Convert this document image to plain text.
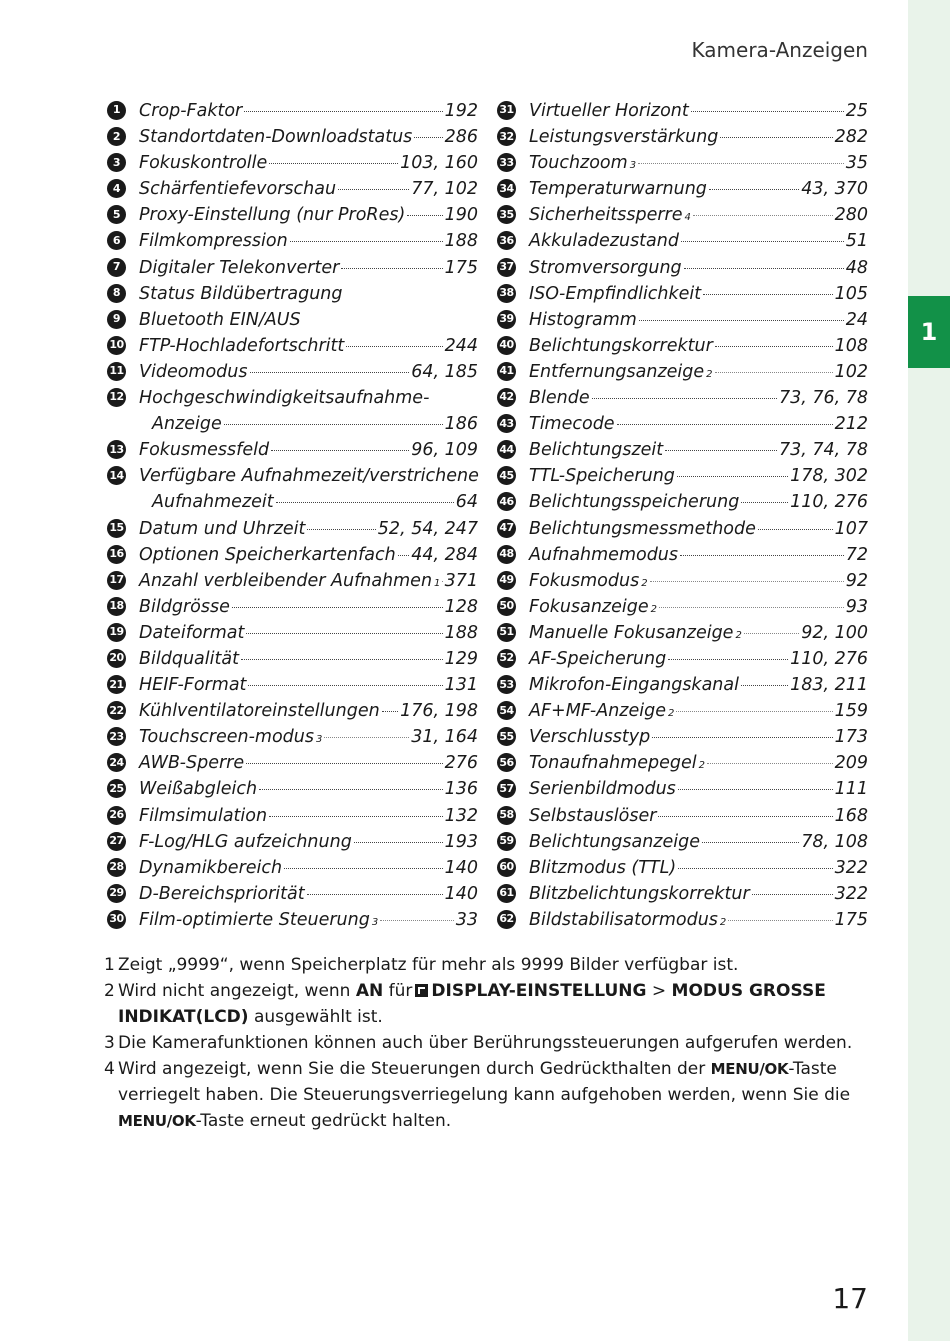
1
Kamera-Anzeigen
1	Crop-Faktor	192
2	Standortdaten-Downloadstatus 286
3	Fokuskontrolle	103, 160
4	Schärfentiefevorschau	77, 102
5	Proxy-Einstellung (nur ProRes) 190
6	Filmkompression	188
7	Digitaler Telekonverter	175
8	Status Bildübertragung
9	Bluetooth EIN/AUS
10 FTP-Hochladefortschritt	244
11 Videomodus	64, 185
12 Hochgeschwindigkeitsaufnahme-
Anzeige	186
13 Fokusmessfeld	96, 109
14 Verfügbare Aufnahmezeit/verstrichene
Aufnahmezeit	64
15 Datum und Uhrzeit	52, 54, 247
16 Optionen Speicherkartenfach 44, 284
17 Anzahl verbleibender Aufnahmen 1 371
18 Bildgrösse	128
19 Dateiformat	188
20 Bildqualität	129
21 HEIF-Format	131
22 Kühlventilatoreinstellungen 176, 198
23 Touchscreen-modus 3	31, 164
24 AWB-Sperre	276
25 Weißabgleich	136
26 Filmsimulation	132
27 F-Log/HLG aufzeichnung	193
28 Dynamikbereich	140
29 D-Bereichspriorität	140
30 Film-optimierte Steuerung 3	33
31 Virtueller Horizont	25
32 Leistungsverstärkung	282
33 Touchzoom 3	35
34 Temperaturwarnung	43, 370
35 Sicherheitssperre 4	280
36 Akkuladezustand	51
37 Stromversorgung	48
38 ISO-Empfindlichkeit	105
39 Histogramm	24
40 Belichtungskorrektur	108
41 Entfernungsanzeige 2	102
42 Blende	73, 76, 78
43 Timecode	212
44 Belichtungszeit	73, 74, 78
45 TTL-Speicherung	178, 302
46 Belichtungsspeicherung	110, 276
47 Belichtungsmessmethode	107
48 Aufnahmemodus	72
49 Fokusmodus 2	92
50 Fokusanzeige 2	93
51 Manuelle Fokusanzeige 2	92, 100
52 AF-Speicherung	110, 276
53 Mikrofon-Eingangskanal	183, 211
54 AF+MF-Anzeige 2	159
55 Verschlusstyp	173
56 Tonaufnahmepegel 2	209
57 Serienbildmodus	111
58 Selbstauslöser	168
59 Belichtungsanzeige	78, 108
60 Blitzmodus (TTL)	322
61 Blitzbelichtungskorrektur	322
62 Bildstabilisatormodus 2	175
1 Zeigt „9999“, wenn Speicherplatz für mehr als 9999 Bilder verfügbar ist.
2 Wird nicht angezeigt, wenn AN für DISPLAY-EINSTELLUNG > MODUS GROSSE INDIKAT(LCD) ausgewählt ist.
3 Die Kamerafunktionen können auch über Berührungssteuerungen aufgerufen werden.
4 Wird angezeigt, wenn Sie die Steuerungen durch Gedrückthalten der MENU/OK-Taste verriegelt haben. Die Steuerungsverriegelung kann aufgehoben werden, wenn Sie die MENU/OK-Taste erneut gedrückt halten.
17
